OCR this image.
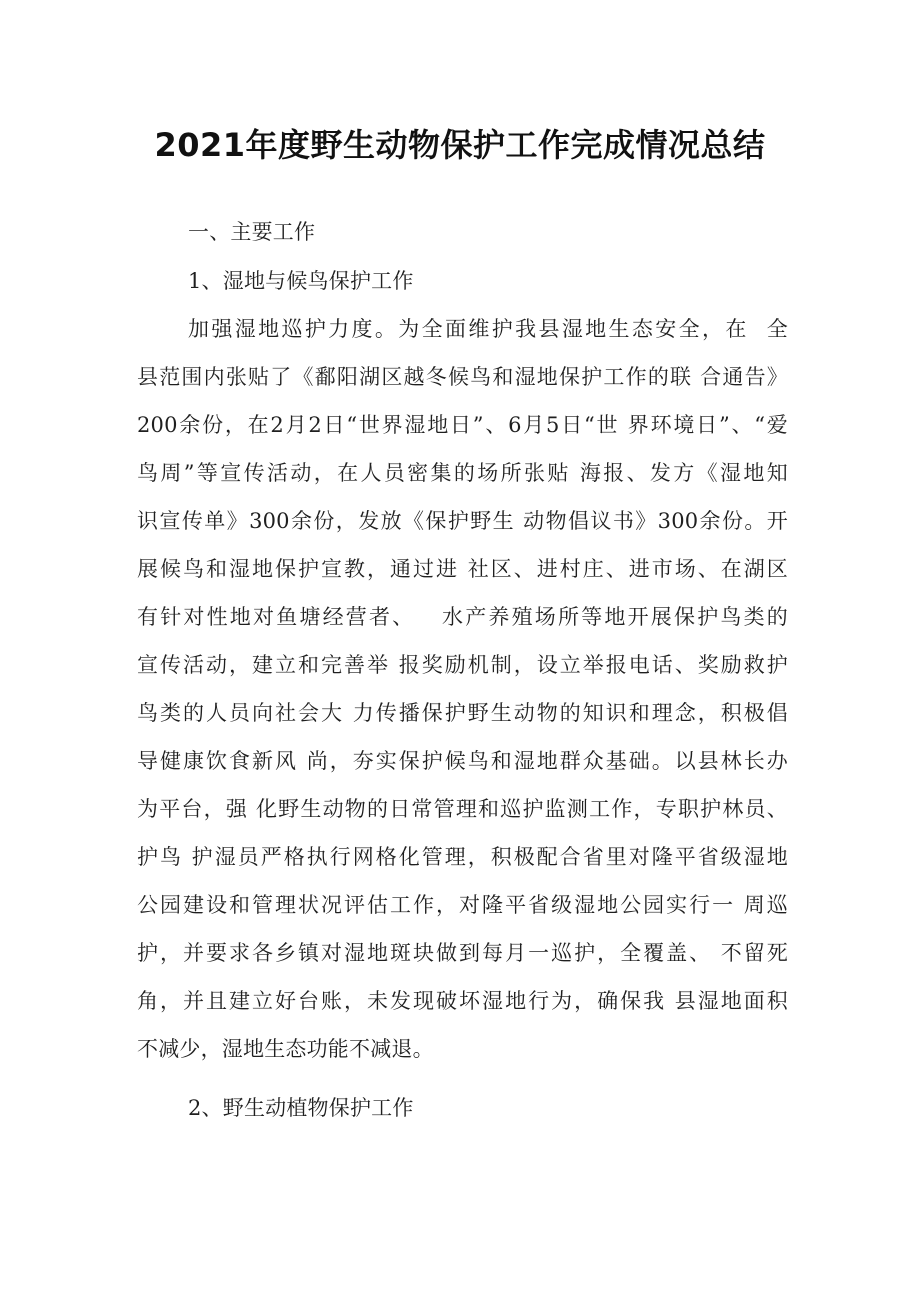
2021年度野生动物保护工作完成情况总结
一、主要工作
1、湿地与候鸟保护工作
加强湿地巡护力度。为全面维护我县湿地生态安全，在  全
县范围内张贴了《鄱阳湖区越冬候鸟和湿地保护工作的联 合通告》
200余份，在2月2日“世界湿地日”、6月5日“世 界环境日”、“爱
鸟周”等宣传活动，在人员密集的场所张贴 海报、发方《湿地知
识宣传单》300余份，发放《保护野生 动物倡议书》300余份。开
展候鸟和湿地保护宣教，通过进 社区、进村庄、进市场、在湖区
有针对性地对鱼塘经营者、   水产养殖场所等地开展保护鸟类的
宣传活动，建立和完善举 报奖励机制，设立举报电话、奖励救护
鸟类的人员向社会大 力传播保护野生动物的知识和理念，积极倡
导健康饮食新风 尚，夯实保护候鸟和湿地群众基础。以县林长办
为平台，强 化野生动物的日常管理和巡护监测工作，专职护林员、
护鸟 护湿员严格执行网格化管理，积极配合省里对隆平省级湿地
公园建设和管理状况评估工作，对隆平省级湿地公园实行一 周巡
护，并要求各乡镇对湿地斑块做到每月一巡护，全覆盖、 不留死
角，并且建立好台账，未发现破坏湿地行为，确保我 县湿地面积
不减少，湿地生态功能不减退。
2、野生动植物保护工作
